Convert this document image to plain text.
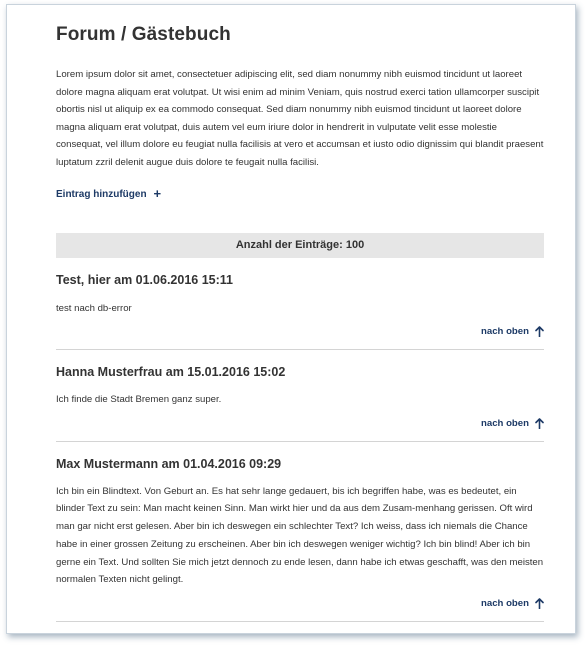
Forum / Gästebuch

Lorem ipsum dolor sit amet, consectetuer adipiscing elit, sed diam nonummy nibh euismod tincidunt ut laoreet dolore magna aliquam erat volutpat. Ut wisi enim ad minim Veniam, quis nostrud exerci tation ullamcorper suscipit obortis nisl ut aliquip ex ea commodo consequat. Sed diam nonummy nibh euismod tincidunt ut laoreet dolore magna aliquam erat volutpat, duis autem vel eum iriure dolor in hendrerit in vulputate velit esse molestie consequat, vel illum dolore eu feugiat nulla facilisis at vero et accumsan et iusto odio dignissim qui blandit praesent luptatum zzril delenit augue duis dolore te feugait nulla facilisi.

Eintrag hinzufügen +
Anzahl der Einträge: 100
Test, hier am 01.06.2016 15:11

test nach db-error

nach oben
Hanna Musterfrau am 15.01.2016 15:02

Ich finde die Stadt Bremen ganz super.

nach oben
Max Mustermann am 01.04.2016 09:29

Ich bin ein Blindtext. Von Geburt an. Es hat sehr lange gedauert, bis ich begriffen habe, was es bedeutet, ein blinder Text zu sein: Man macht keinen Sinn. Man wirkt hier und da aus dem Zusam-menhang gerissen. Oft wird man gar nicht erst gelesen. Aber bin ich deswegen ein schlechter Text? Ich weiss, dass ich niemals die Chance habe in einer grossen Zeitung zu erscheinen. Aber bin ich deswegen weniger wichtig? Ich bin blind! Aber ich bin gerne ein Text. Und sollten Sie mich jetzt dennoch zu ende lesen, dann habe ich etwas geschafft, was den meisten normalen Texten nicht gelingt.

nach oben
